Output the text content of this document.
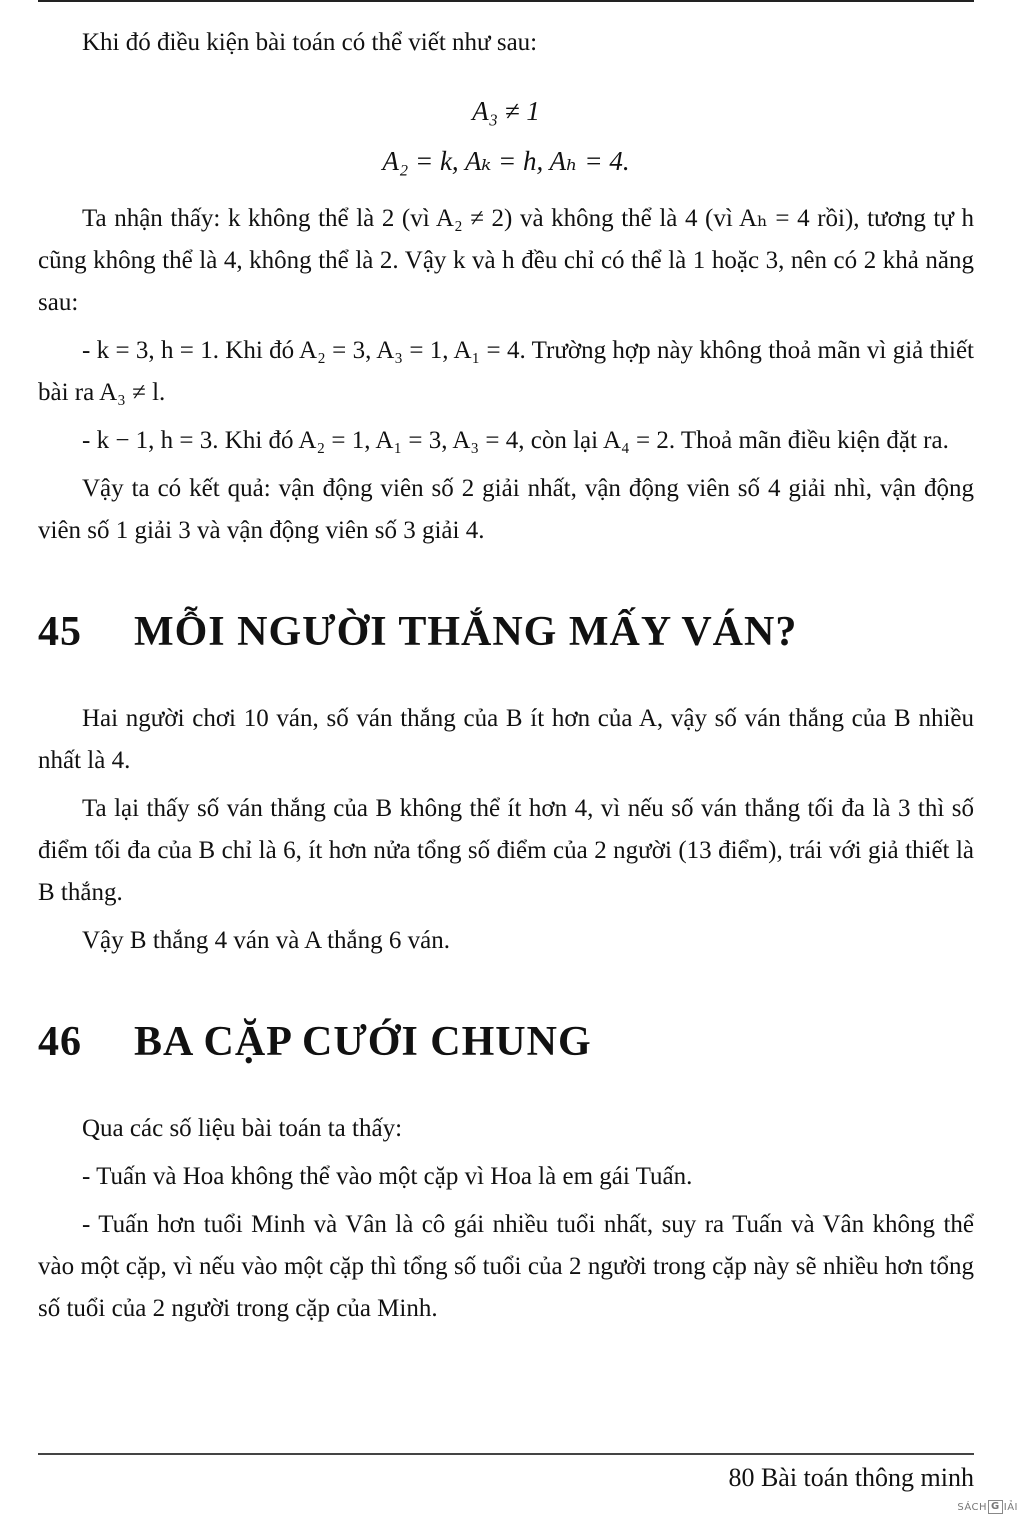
Khi đó điều kiện bài toán có thể viết như sau:

A₃ ≠ 1
A₂ = k, Aₖ = h, Aₕ = 4.

Ta nhận thấy: k không thể là 2 (vì A₂ ≠ 2) và không thể là 4 (vì Aₕ = 4 rồi), tương tự h cũng không thể là 4, không thể là 2. Vậy k và h đều chỉ có thể là 1 hoặc 3, nên có 2 khả năng sau:

- k = 3, h = 1. Khi đó A₂ = 3, A₃ = 1, A₁ = 4. Trường hợp này không thoả mãn vì giả thiết bài ra A₃ ≠ l.

- k − 1, h = 3. Khi đó A₂ = 1, A₁ = 3, A₃ = 4, còn lại A₄ = 2. Thoả mãn điều kiện đặt ra.

Vậy ta có kết quả: vận động viên số 2 giải nhất, vận động viên số 4 giải nhì, vận động viên số 1 giải 3 và vận động viên số 3 giải 4.

45 MỖI NGƯỜI THẮNG MẤY VÁN?

Hai người chơi 10 ván, số ván thắng của B ít hơn của A, vậy số ván thắng của B nhiều nhất là 4.

Ta lại thấy số ván thắng của B không thể ít hơn 4, vì nếu số ván thắng tối đa là 3 thì số điểm tối đa của B chỉ là 6, ít hơn nửa tổng số điểm của 2 người (13 điểm), trái với giả thiết là B thắng.

Vậy B thắng 4 ván và A thắng 6 ván.

46 BA CẶP CƯỚI CHUNG

Qua các số liệu bài toán ta thấy:

- Tuấn và Hoa không thể vào một cặp vì Hoa là em gái Tuấn.

- Tuấn hơn tuổi Minh và Vân là cô gái nhiều tuổi nhất, suy ra Tuấn và Vân không thể vào một cặp, vì nếu vào một cặp thì tổng số tuổi của 2 người trong cặp này sẽ nhiều hơn tổng số tuổi của 2 người trong cặp của Minh.

80 Bài toán thông minh
SÁCH G IẢI
